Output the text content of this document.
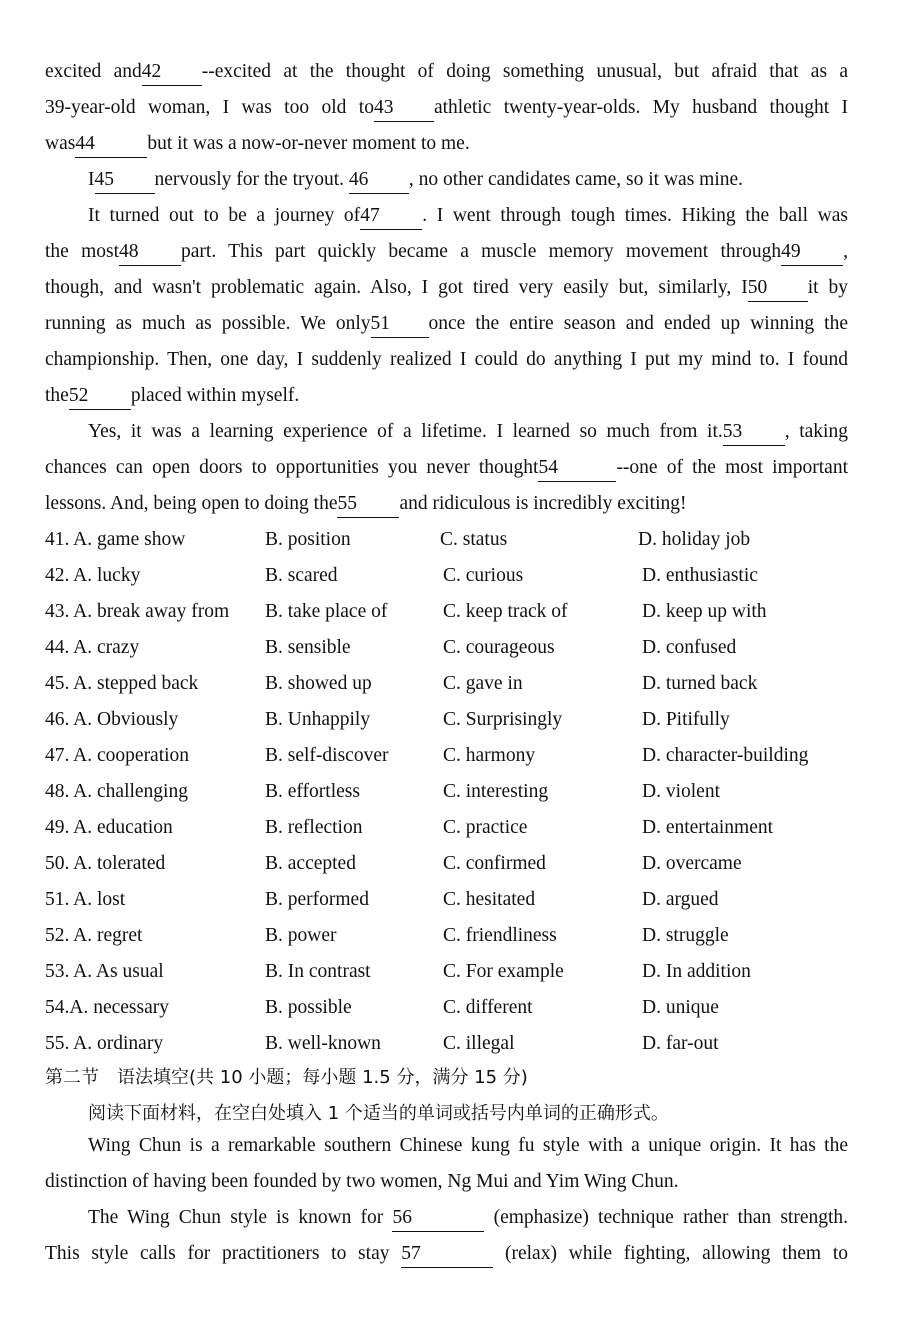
excited and42 --excited at the thought of doing something unusual, but afraid that as a
39-year-old woman, I was too old to43 athletic twenty-year-olds. My husband thought I
was44	but it was a now-or-never moment to me.
I45 nervously for the tryout. 46 , no other candidates came, so it was mine.
It turned out to be a journey of47 . I went through tough times. Hiking the ball was
the most48 part. This part quickly became a muscle memory movement through49 ,
though, and wasn't problematic again. Also, I got tired very easily but, similarly, I50 it by
running as much as possible. We only51 once the entire season and ended up winning the
championship. Then, one day, I suddenly realized I could do anything I put my mind to. I found
the52 placed within myself.
Yes, it was a learning experience of a lifetime. I learned so much from it.53 , taking
chances can open doors to opportunities you never thought54	--one of the most important
lessons. And, being open to doing the55 and ridiculous is incredibly exciting!
41. A. game show	B. position	C. status	D. holiday job
42. A. lucky	B. scared	C. curious	D. enthusiastic
43. A. break away from B. take place of	C. keep track of	D. keep up with
44. A. crazy	B. sensible	C. courageous	D. confused
45. A. stepped back	B. showed up	C. gave in	D. turned back
46. A. Obviously	B. Unhappily	C. Surprisingly	D. Pitifully
47. A. cooperation	B. self-discover	C. harmony	D. character-building
48. A. challenging	B. effortless	C. interesting	D. violent
49. A. education	B. reflection	C. practice	D. entertainment
50. A. tolerated	B. accepted	C. confirmed	D. overcame
51. A. lost	B. performed	C. hesitated	D. argued
52. A. regret	B. power	C. friendliness	D. struggle
53. A. As usual	B. In contrast	C. For example	D. In addition
54.A. necessary	B. possible	C. different	D. unique
55. A. ordinary	B. well-known	C. illegal	D. far-out
第二节　语法填空(共 10 小题；每小题 1.5 分，满分 15 分)
阅读下面材料，在空白处填入 1 个适当的单词或括号内单词的正确形式。
Wing Chun is a remarkable southern Chinese kung fu style with a unique origin. It has the
distinction of having been founded by two women, Ng Mui and Yim Wing Chun.
The Wing Chun style is known for 56	(emphasize) technique rather than strength.
This style calls for practitioners to stay 57	(relax) while fighting, allowing them to
